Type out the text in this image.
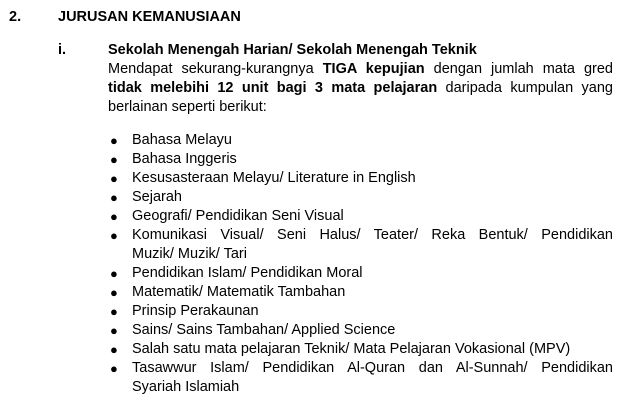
2.	JURUSAN KEMANUSIAAN
i.	Sekolah Menengah Harian/ Sekolah Menengah Teknik
Mendapat sekurang-kurangnya TIGA kepujian dengan jumlah mata gred
tidak melebihi 12 unit bagi 3 mata pelajaran daripada kumpulan yang
berlainan seperti berikut:
● Bahasa Melayu
● Bahasa Inggeris
● Kesusasteraan Melayu/ Literature in English
● Sejarah
● Geografi/ Pendidikan Seni Visual
● Komunikasi Visual/ Seni Halus/ Teater/ Reka Bentuk/ Pendidikan
Muzik/ Muzik/ Tari
● Pendidikan Islam/ Pendidikan Moral
● Matematik/ Matematik Tambahan
● Prinsip Perakaunan
● Sains/ Sains Tambahan/ Applied Science
● Salah satu mata pelajaran Teknik/ Mata Pelajaran Vokasional (MPV)
● Tasawwur Islam/ Pendidikan Al-Quran dan Al-Sunnah/ Pendidikan
Syariah Islamiah
